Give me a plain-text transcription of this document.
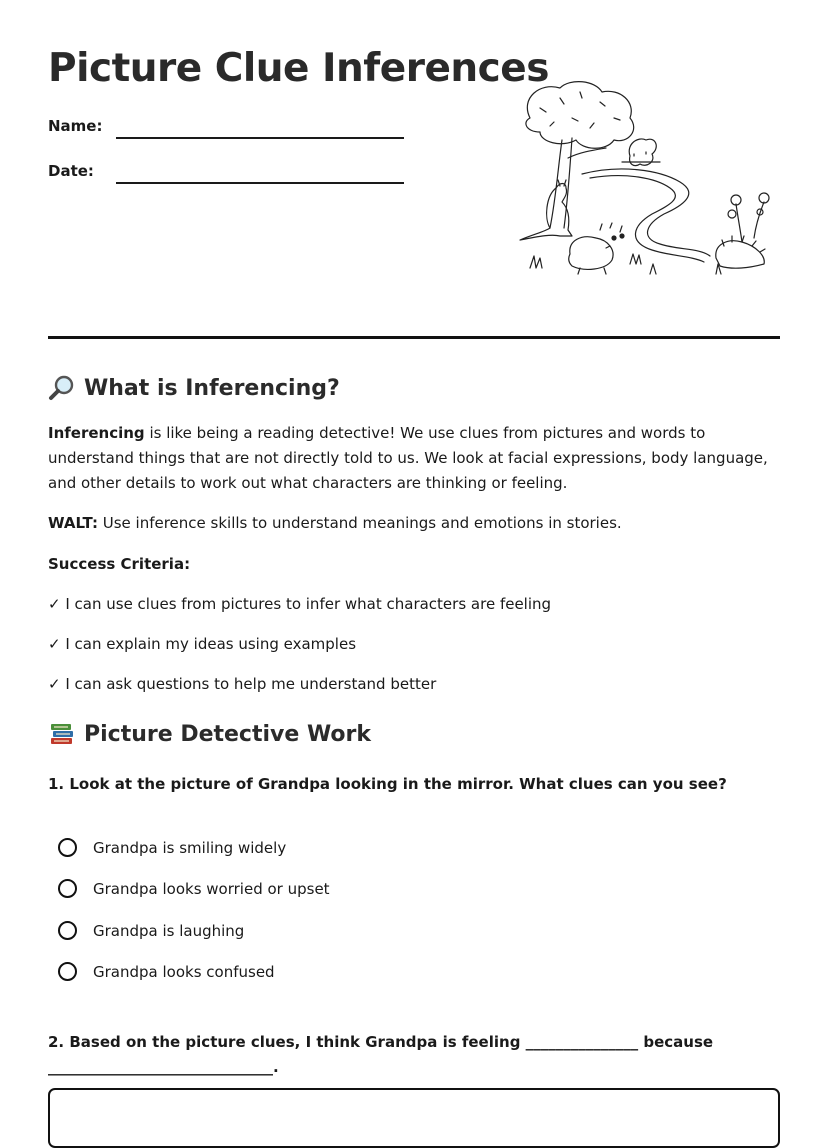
Picture Clue Inferences
Name:
Date:
What is Inferencing?

Inferencing is like being a reading detective! We use clues from pictures and words to understand things that are not directly told to us. We look at facial expressions, body language, and other details to work out what characters are thinking or feeling.

WALT: Use inference skills to understand meanings and emotions in stories.

Success Criteria:
✓ I can use clues from pictures to infer what characters are feeling
✓ I can explain my ideas using examples
✓ I can ask questions to help me understand better
Picture Detective Work

1. Look at the picture of Grandpa looking in the mirror. What clues can you see?

Grandpa is smiling widely
Grandpa looks worried or upset
Grandpa is laughing
Grandpa looks confused

2. Based on the picture clues, I think Grandpa is feeling _______________ because
______________________________.
